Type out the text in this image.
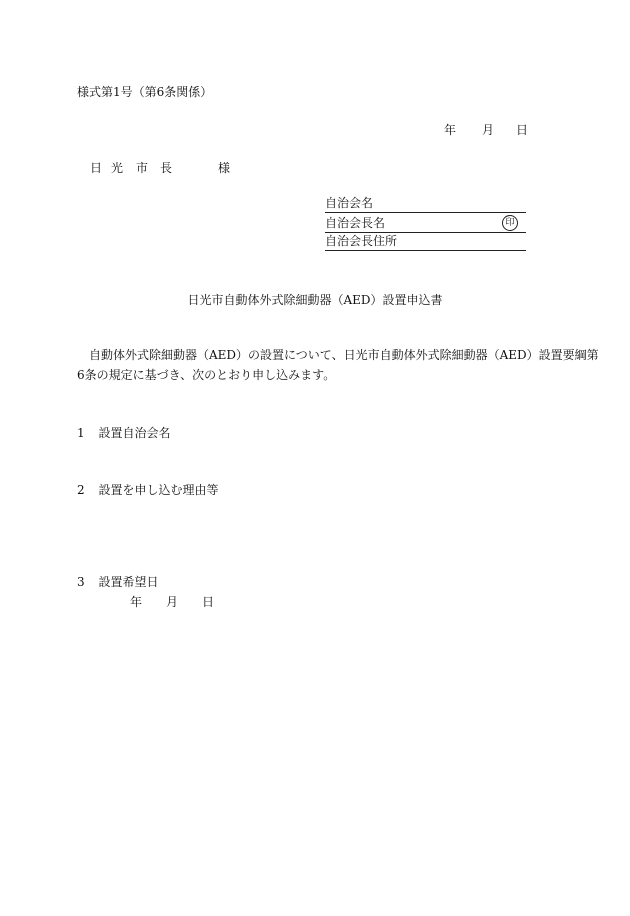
様式第1号（第6条関係）
年 月 日
日 光 市 長	様
自治会名
自治会長名	印
自治会長住所
日光市自動体外式除細動器（AED）設置申込書
自動体外式除細動器（AED）の設置について、日光市自動体外式除細動器（AED）設置要綱第
6条の規定に基づき、次のとおり申し込みます。
1 設置自治会名
2 設置を申し込む理由等
3 設置希望日
年 月 日
